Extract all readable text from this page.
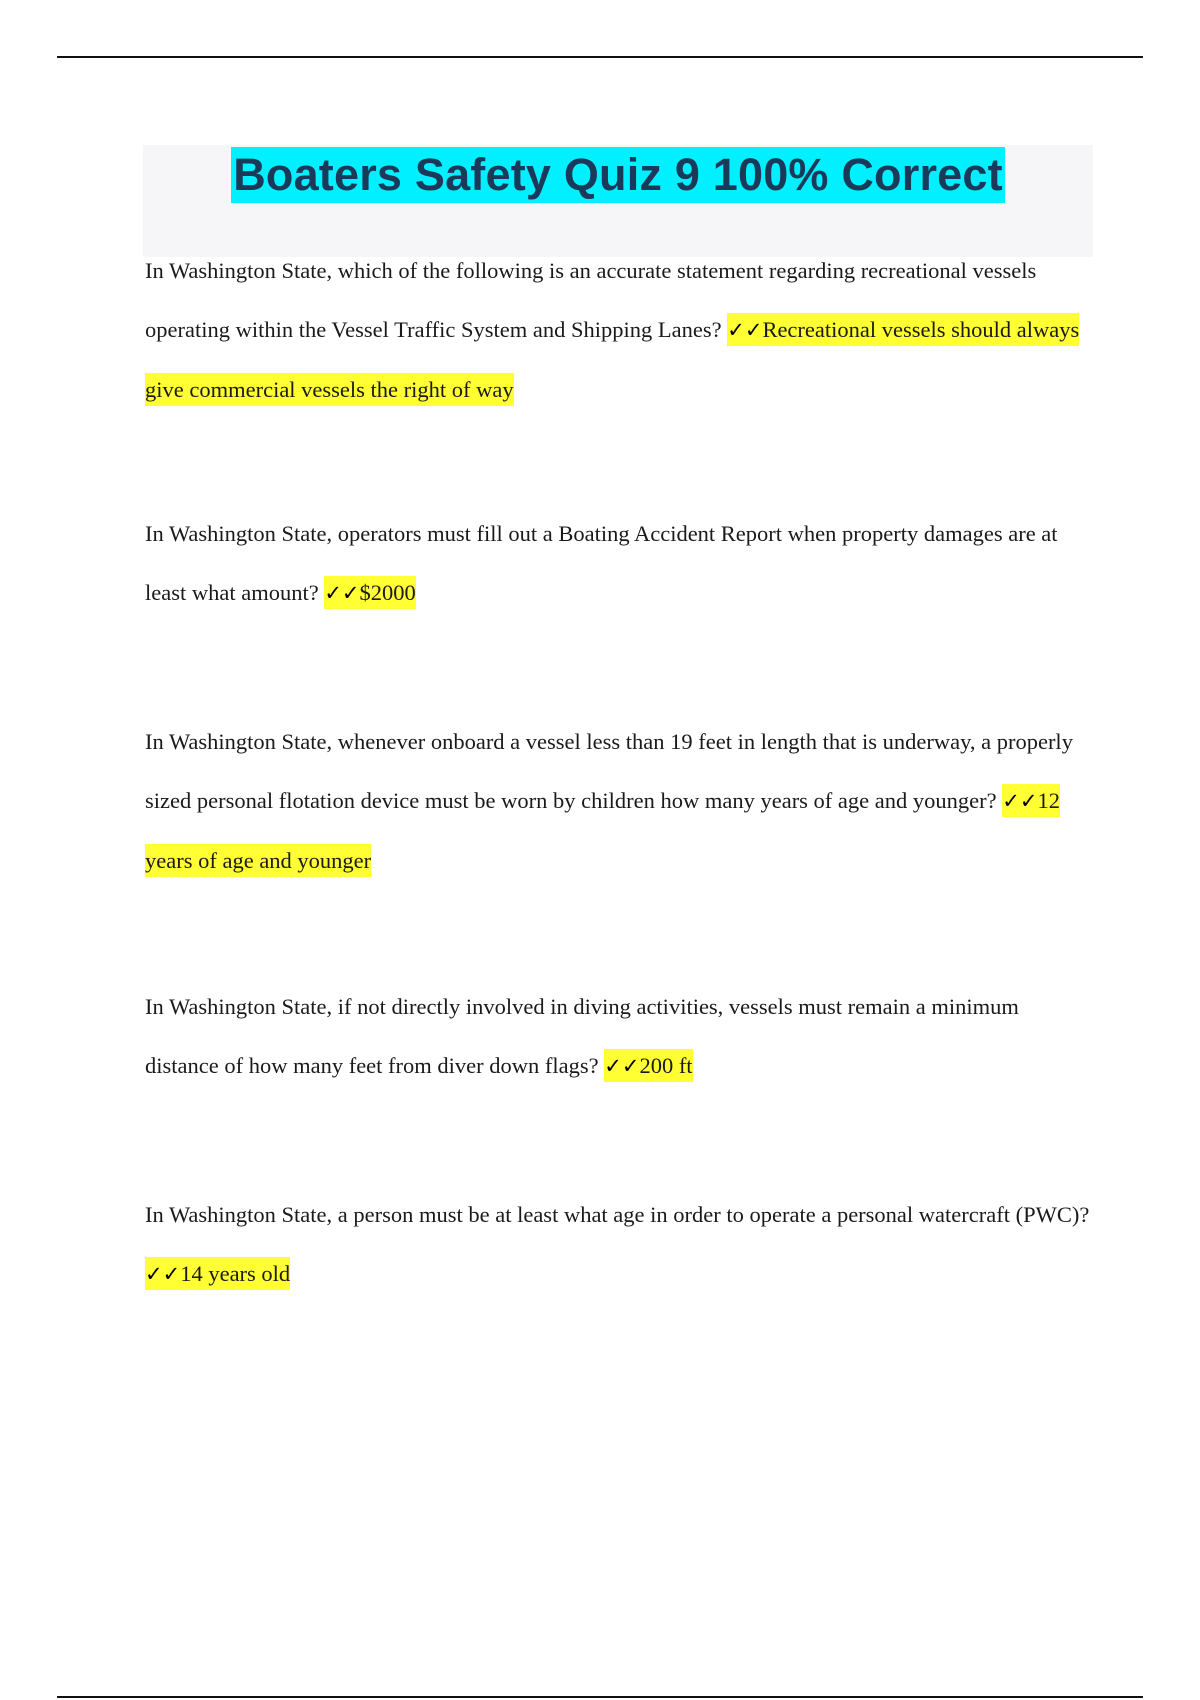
Boaters Safety Quiz 9 100% Correct

In Washington State, which of the following is an accurate statement regarding recreational vessels operating within the Vessel Traffic System and Shipping Lanes? ✓✓Recreational vessels should always give commercial vessels the right of way

In Washington State, operators must fill out a Boating Accident Report when property damages are at least what amount? ✓✓$2000

In Washington State, whenever onboard a vessel less than 19 feet in length that is underway, a properly sized personal flotation device must be worn by children how many years of age and younger? ✓✓12 years of age and younger

In Washington State, if not directly involved in diving activities, vessels must remain a minimum distance of how many feet from diver down flags? ✓✓200 ft

In Washington State, a person must be at least what age in order to operate a personal watercraft (PWC)? ✓✓14 years old
